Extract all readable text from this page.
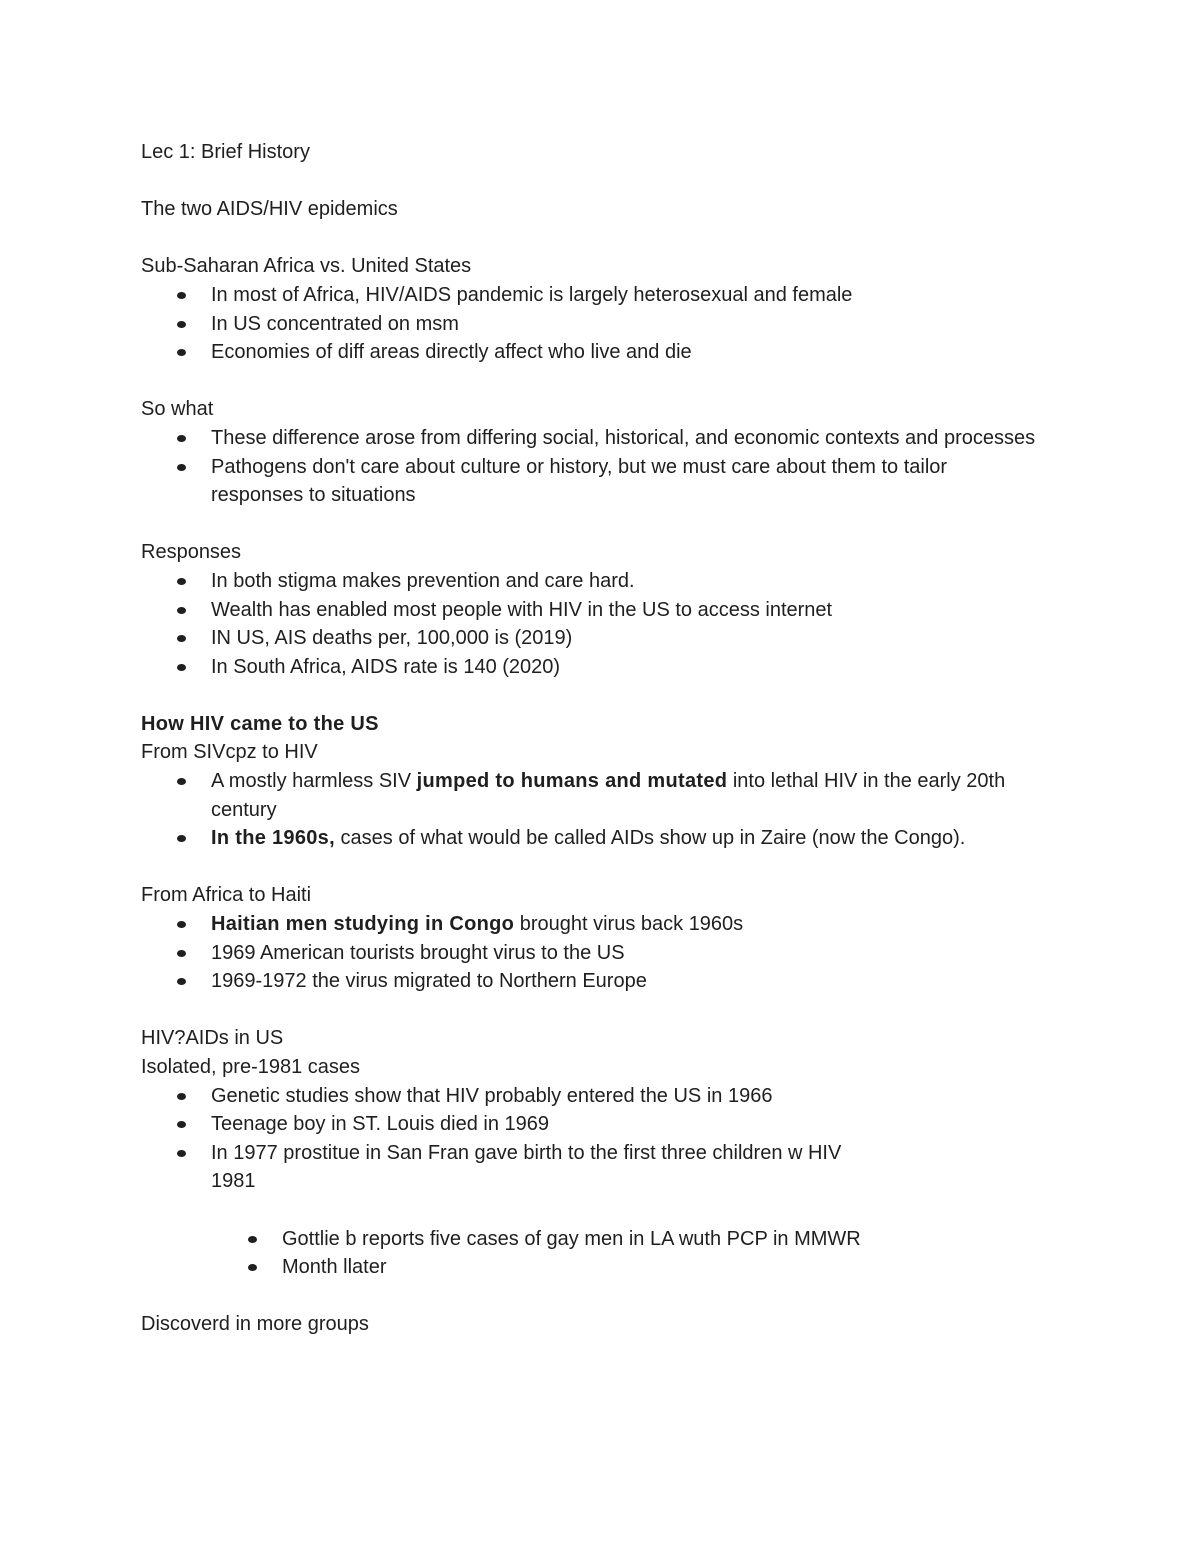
Lec 1: Brief History

The two AIDS/HIV epidemics

Sub-Saharan Africa vs. United States

In most of Africa, HIV/AIDS pandemic is largely heterosexual and female
In US concentrated on msm
Economies of diff areas directly affect who live and die

So what

These difference arose from differing social, historical, and economic contexts and processes
Pathogens don't care about culture or history, but we must care about them to tailor responses to situations

Responses

In both stigma makes prevention and care hard.
Wealth has enabled most people with HIV in the US to access internet
IN US, AIS deaths per, 100,000 is (2019)
In South Africa, AIDS rate is 140 (2020)

How HIV came to the US

From SIVcpz to HIV

A mostly harmless SIV jumped to humans and mutated into lethal HIV in the early 20th century
In the 1960s, cases of what would be called AIDs show up in Zaire (now the Congo).

From Africa to Haiti

Haitian men studying in Congo brought virus back 1960s
1969 American tourists brought virus to the US
1969-1972 the virus migrated to Northern Europe

HIV?AIDs in US

Isolated, pre-1981 cases

Genetic studies show that HIV probably entered the US in 1966
Teenage boy in ST. Louis died in 1969
In 1977 prostitue in San Fran gave birth to the first three children w HIV
1981
Gottlie b reports five cases of gay men in LA wuth PCP in MMWR
Month llater

Discoverd in more groups
